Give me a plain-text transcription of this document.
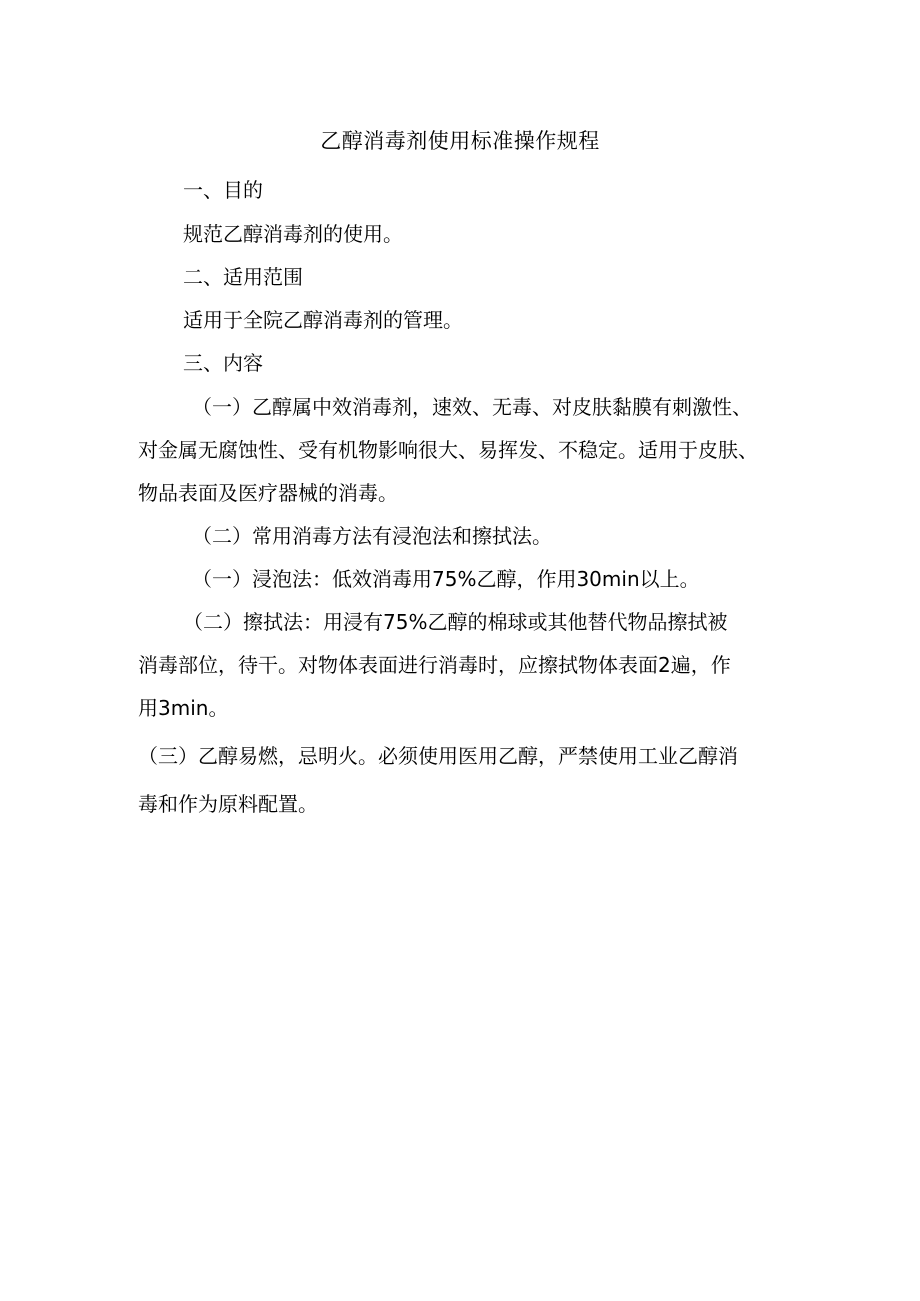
乙醇消毒剂使用标准操作规程
一、目的
规范乙醇消毒剂的使用。
二、适用范围
适用于全院乙醇消毒剂的管理。
三、内容
（一）乙醇属中效消毒剂，速效、无毒、对皮肤黏膜有刺激性、
对金属无腐蚀性、受有机物影响很大、易挥发、不稳定。适用于皮肤、
物品表面及医疗器械的消毒。
（二）常用消毒方法有浸泡法和擦拭法。
（一）浸泡法：低效消毒用75%乙醇，作用30min以上。
（二）擦拭法：用浸有75%乙醇的棉球或其他替代物品擦拭被
消毒部位，待干。对物体表面进行消毒时，应擦拭物体表面2遍，作
用3min。
（三）乙醇易燃，忌明火。必须使用医用乙醇，严禁使用工业乙醇消
毒和作为原料配置。
